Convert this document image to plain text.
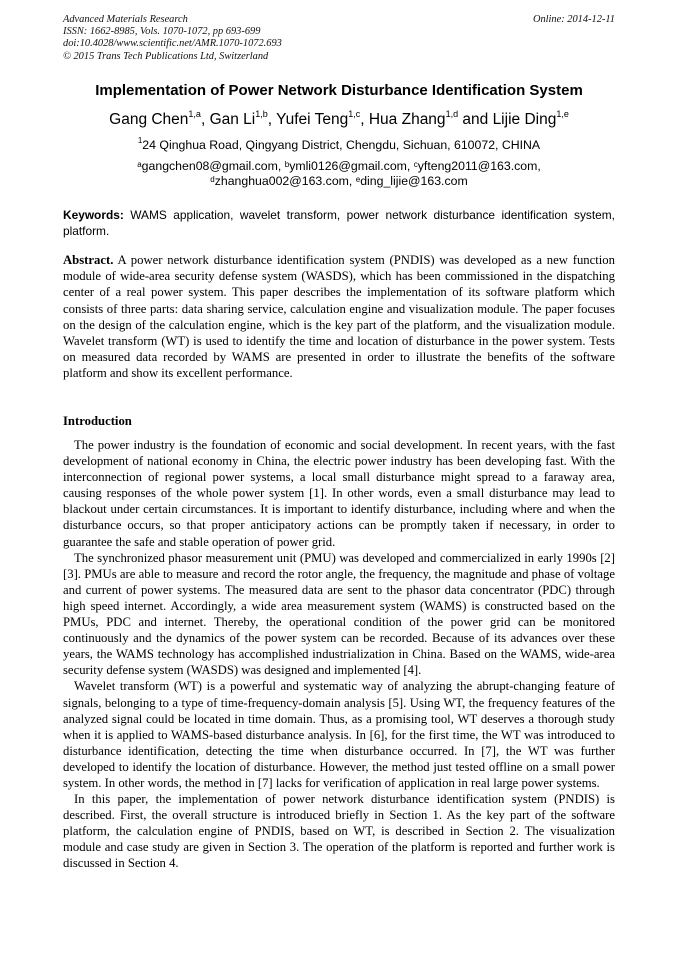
Advanced Materials Research
ISSN: 1662-8985, Vols. 1070-1072, pp 693-699
doi:10.4028/www.scientific.net/AMR.1070-1072.693
© 2015 Trans Tech Publications Ltd, Switzerland
Online: 2014-12-11
Implementation of Power Network Disturbance Identification System
Gang Chen$^{1,a}$, Gan Li$^{1,b}$, Yufei Teng$^{1,c}$, Hua Zhang$^{1,d}$ and Lijie Ding$^{1,e}$
$^1$24 Qinghua Road, Qingyang District, Chengdu, Sichuan, 610072, CHINA
$^a$gangchen08@gmail.com, $^b$ymli0126@gmail.com, $^c$yfteng2011@163.com,
$^d$zhanghua002@163.com, $^e$ding_lijie@163.com
Keywords: WAMS application, wavelet transform, power network disturbance identification system, platform.
Abstract. A power network disturbance identification system (PNDIS) was developed as a new function module of wide-area security defense system (WASDS), which has been commissioned in the dispatching center of a real power system. This paper describes the implementation of its software platform which consists of three parts: data sharing service, calculation engine and visualization module. The paper focuses on the design of the calculation engine, which is the key part of the platform, and the visualization module. Wavelet transform (WT) is used to identify the time and location of disturbance in the power system. Tests on measured data recorded by WAMS are presented in order to illustrate the benefits of the software platform and show its excellent performance.
Introduction

The power industry is the foundation of economic and social development. In recent years, with the fast development of national economy in China, the electric power industry has been developing fast. With the interconnection of regional power systems, a local small disturbance might spread to a faraway area, causing responses of the whole power system [1]. In other words, even a small disturbance may lead to blackout under certain circumstances. It is important to identify disturbance, including where and when the disturbance occurs, so that proper anticipatory actions can be promptly taken if necessary, in order to guarantee the safe and stable operation of power grid.

The synchronized phasor measurement unit (PMU) was developed and commercialized in early 1990s [2][3]. PMUs are able to measure and record the rotor angle, the frequency, the magnitude and phase of voltage and current of power systems. The measured data are sent to the phasor data concentrator (PDC) through high speed internet. Accordingly, a wide area measurement system (WAMS) is constructed based on the PMUs, PDC and internet. Thereby, the operational condition of the power grid can be monitored continuously and the dynamics of the power system can be recorded. Because of its advances over these years, the WAMS technology has accomplished industrialization in China. Based on the WAMS, wide-area security defense system (WASDS) was designed and implemented [4].

Wavelet transform (WT) is a powerful and systematic way of analyzing the abrupt-changing feature of signals, belonging to a type of time-frequency-domain analysis [5]. Using WT, the frequency features of the analyzed signal could be located in time domain. Thus, as a promising tool, WT deserves a thorough study when it is applied to WAMS-based disturbance analysis. In [6], for the first time, the WT was introduced to disturbance identification, detecting the time when disturbance occurred. In [7], the WT was further developed to identify the location of disturbance. However, the method just tested offline on a small power system. In other words, the method in [7] lacks for verification of application in real large power systems.

In this paper, the implementation of power network disturbance identification system (PNDIS) is described. First, the overall structure is introduced briefly in Section 1. As the key part of the software platform, the calculation engine of PNDIS, based on WT, is described in Section 2. The visualization module and case study are given in Section 3. The operation of the platform is reported and further work is discussed in Section 4.
